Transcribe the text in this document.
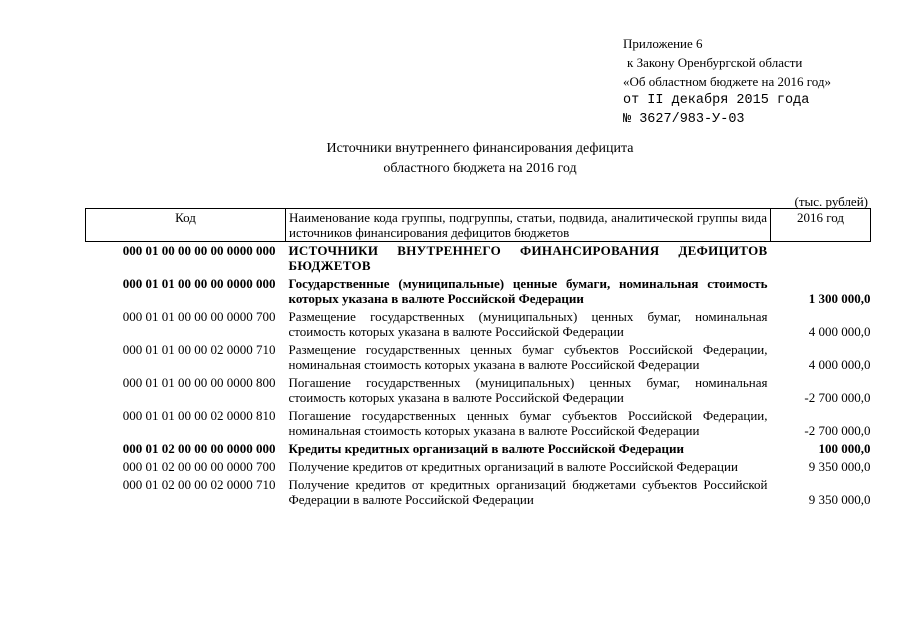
Приложение 6
к Закону Оренбургской области
«Об областном бюджете на 2016 год»
от II декабря 2015 года
№ 3627/983-У-03
Источники внутреннего финансирования дефицита
областного бюджета на 2016 год
(тыс. рублей)
Код	Наименование кода группы, подгруппы, статьи, подвида, аналитической группы вида источников финансирования дефицитов бюджетов	2016 год
000 01 00 00 00 00 0000 000	ИСТОЧНИКИ ВНУТРЕННЕГО ФИНАНСИРОВАНИЯ ДЕФИЦИТОВ БЮДЖЕТОВ	
000 01 01 00 00 00 0000 000	Государственные (муниципальные) ценные бумаги, номинальная стоимость которых указана в валюте Российской Федерации	1 300 000,0
000 01 01 00 00 00 0000 700	Размещение государственных (муниципальных) ценных бумаг, номинальная стоимость которых указана в валюте Российской Федерации	4 000 000,0
000 01 01 00 00 02 0000 710	Размещение государственных ценных бумаг субъектов Российской Федерации, номинальная стоимость которых указана в валюте Российской Федерации	4 000 000,0
000 01 01 00 00 00 0000 800	Погашение государственных (муниципальных) ценных бумаг, номинальная стоимость которых указана в валюте Российской Федерации	-2 700 000,0
000 01 01 00 00 02 0000 810	Погашение государственных ценных бумаг субъектов Российской Федерации, номинальная стоимость которых указана в валюте Российской Федерации	-2 700 000,0
000 01 02 00 00 00 0000 000	Кредиты кредитных организаций в валюте Российской Федерации	100 000,0
000 01 02 00 00 00 0000 700	Получение кредитов от кредитных организаций в валюте Российской Федерации	9 350 000,0
000 01 02 00 00 02 0000 710	Получение кредитов от кредитных организаций бюджетами субъектов Российской Федерации в валюте Российской Федерации	9 350 000,0
